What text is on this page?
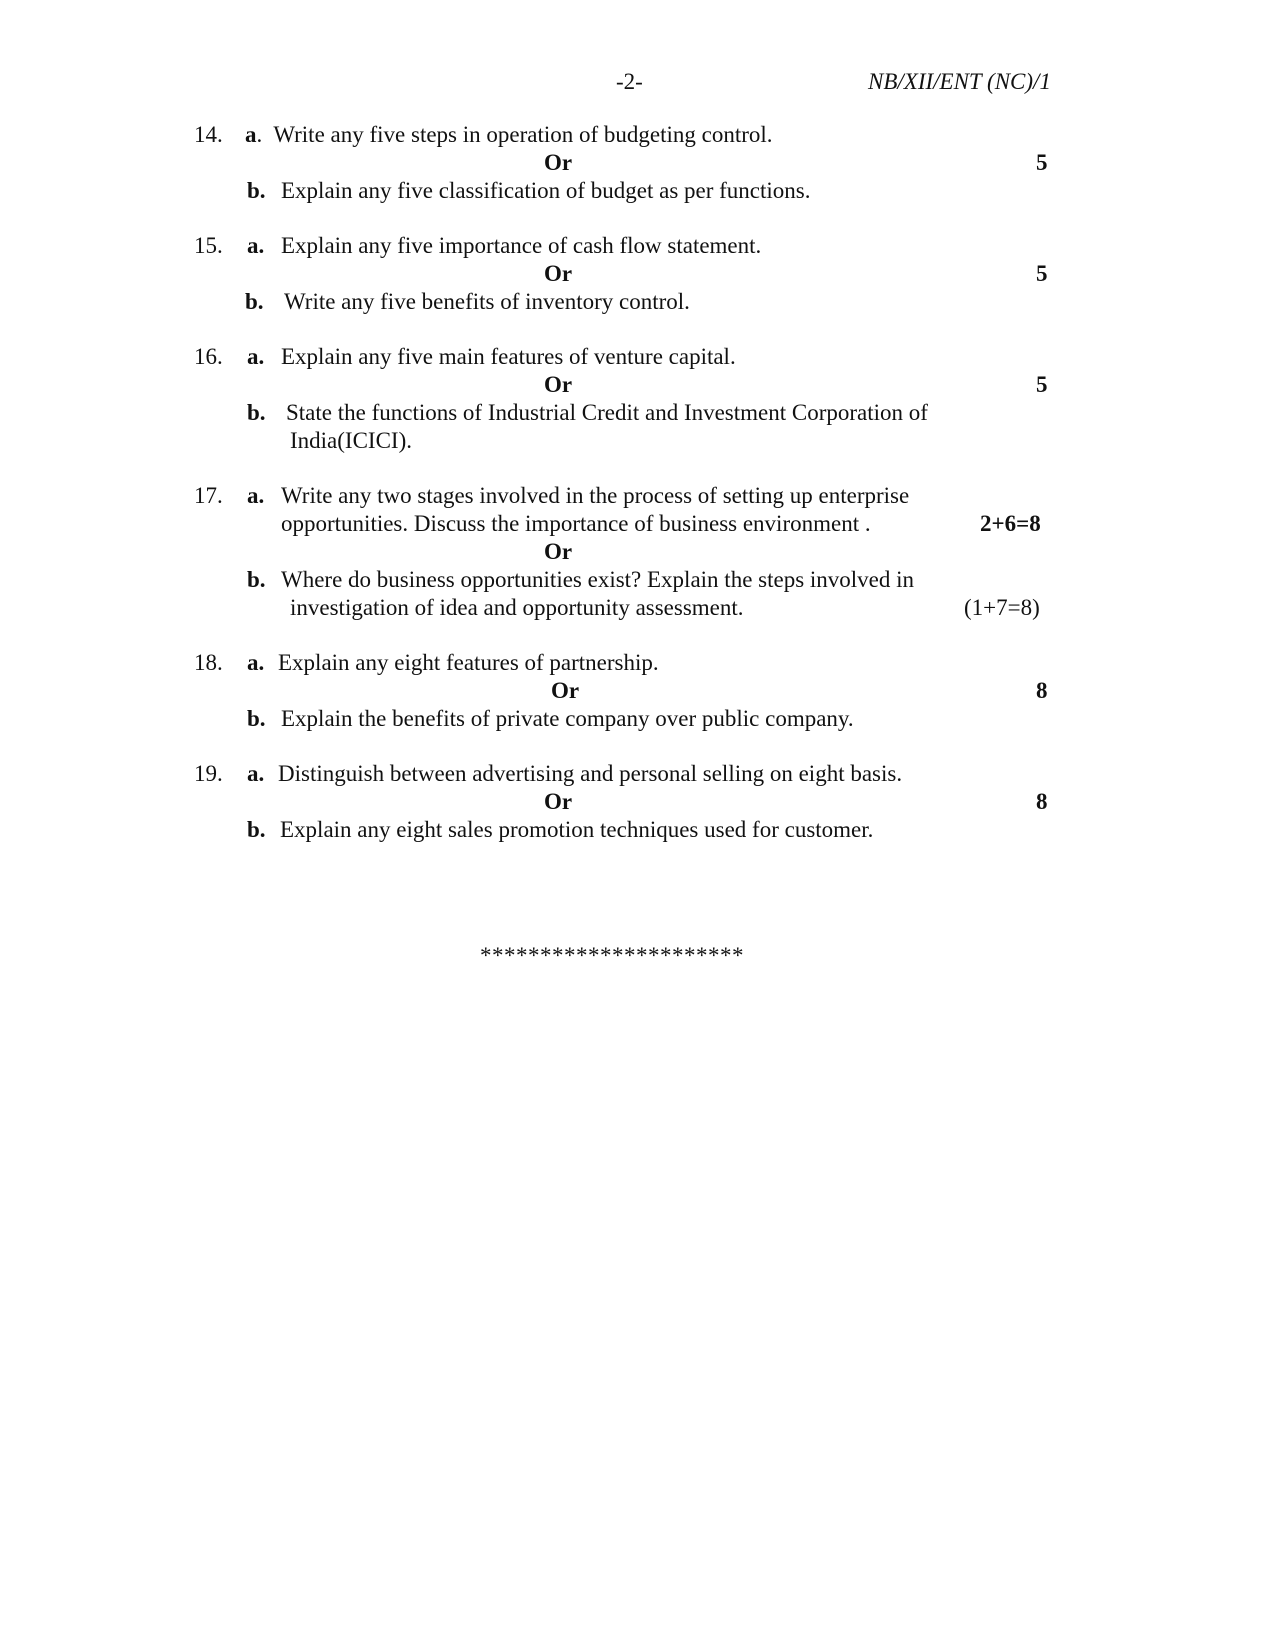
-2-	NB/XII/ENT (NC)/1
14. a. Write any five steps in operation of budgeting control.
Or	5
b. Explain any five classification of budget as per functions.
15. a. Explain any five importance of cash flow statement.
Or	5
b. Write any five benefits of inventory control.
16. a. Explain any five main features of venture capital.
Or	5
b. State the functions of Industrial Credit and Investment Corporation of
India(ICICI).
17. a. Write any two stages involved in the process of setting up enterprise
opportunities. Discuss the importance of business environment .	2+6=8
Or
b. Where do business opportunities exist? Explain the steps involved in
investigation of idea and opportunity assessment.	(1+7=8)
18. a. Explain any eight features of partnership.
Or	8
b. Explain the benefits of private company over public company.
19. a. Distinguish between advertising and personal selling on eight basis.
Or	8
b. Explain any eight sales promotion techniques used for customer.
**********************
